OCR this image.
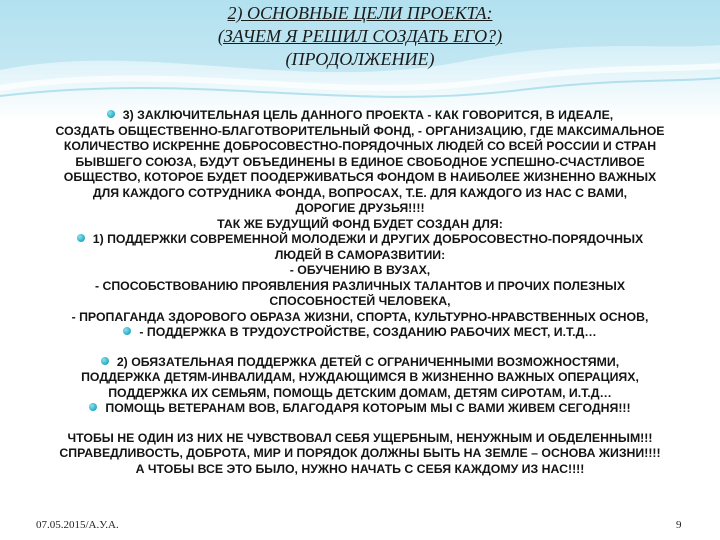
2) ОСНОВНЫЕ ЦЕЛИ ПРОЕКТА:
(ЗАЧЕМ Я РЕШИЛ СОЗДАТЬ ЕГО?)
(ПРОДОЛЖЕНИЕ)
3) ЗАКЛЮЧИТЕЛЬНАЯ ЦЕЛЬ ДАННОГО ПРОЕКТА - КАК ГОВОРИТСЯ, В ИДЕАЛЕ,
СОЗДАТЬ ОБЩЕСТВЕННО-БЛАГОТВОРИТЕЛЬНЫЙ ФОНД, - ОРГАНИЗАЦИЮ, ГДЕ МАКСИМАЛЬНОЕ
КОЛИЧЕСТВО ИСКРЕННЕ ДОБРОСОВЕСТНО-ПОРЯДОЧНЫХ ЛЮДЕЙ СО ВСЕЙ РОССИИ И СТРАН
БЫВШЕГО СОЮЗА, БУДУТ ОБЪЕДИНЕНЫ В ЕДИНОЕ СВОБОДНОЕ УСПЕШНО-СЧАСТЛИВОЕ
ОБЩЕСТВО, КОТОРОЕ БУДЕТ ПООДЕРЖИВАТЬСЯ ФОНДОМ В НАИБОЛЕЕ ЖИЗНЕННО ВАЖНЫХ
ДЛЯ КАЖДОГО СОТРУДНИКА ФОНДА, ВОПРОСАХ, Т.Е. ДЛЯ КАЖДОГО ИЗ НАС С ВАМИ,
ДОРОГИЕ ДРУЗЬЯ!!!!
ТАК ЖЕ БУДУЩИЙ ФОНД БУДЕТ СОЗДАН ДЛЯ:
1) ПОДДЕРЖКИ СОВРЕМЕННОЙ МОЛОДЕЖИ И ДРУГИХ ДОБРОСОВЕСТНО-ПОРЯДОЧНЫХ
ЛЮДЕЙ В САМОРАЗВИТИИ:
- ОБУЧЕНИЮ В ВУЗАХ,
- СПОСОБСТВОВАНИЮ ПРОЯВЛЕНИЯ РАЗЛИЧНЫХ ТАЛАНТОВ И ПРОЧИХ ПОЛЕЗНЫХ
СПОСОБНОСТЕЙ ЧЕЛОВЕКА,
- ПРОПАГАНДА ЗДОРОВОГО ОБРАЗА ЖИЗНИ, СПОРТА, КУЛЬТУРНО-НРАВСТВЕННЫХ ОСНОВ,
- ПОДДЕРЖКА В ТРУДОУСТРОЙСТВЕ, СОЗДАНИЮ РАБОЧИХ МЕСТ, И.Т.Д…
2) ОБЯЗАТЕЛЬНАЯ ПОДДЕРЖКА ДЕТЕЙ С ОГРАНИЧЕННЫМИ ВОЗМОЖНОСТЯМИ,
ПОДДЕРЖКА ДЕТЯМ-ИНВАЛИДАМ, НУЖДАЮЩИМСЯ В ЖИЗНЕННО ВАЖНЫХ ОПЕРАЦИЯХ,
ПОДДЕРЖКА ИХ СЕМЬЯМ, ПОМОЩЬ ДЕТСКИМ ДОМАМ, ДЕТЯМ СИРОТАМ, И.Т.Д…
ПОМОЩЬ ВЕТЕРАНАМ ВОВ, БЛАГОДАРЯ КОТОРЫМ МЫ С ВАМИ ЖИВЕМ СЕГОДНЯ!!!
ЧТОБЫ НЕ ОДИН ИЗ НИХ НЕ ЧУВСТВОВАЛ СЕБЯ УЩЕРБНЫМ, НЕНУЖНЫМ И ОБДЕЛЕННЫМ!!!
СПРАВЕДЛИВОСТЬ, ДОБРОТА, МИР И ПОРЯДОК ДОЛЖНЫ БЫТЬ НА ЗЕМЛЕ – ОСНОВА ЖИЗНИ!!!!
А ЧТОБЫ ВСЕ ЭТО БЫЛО, НУЖНО НАЧАТЬ С СЕБЯ КАЖДОМУ ИЗ НАС!!!!
07.05.2015/А.У.А.	9
